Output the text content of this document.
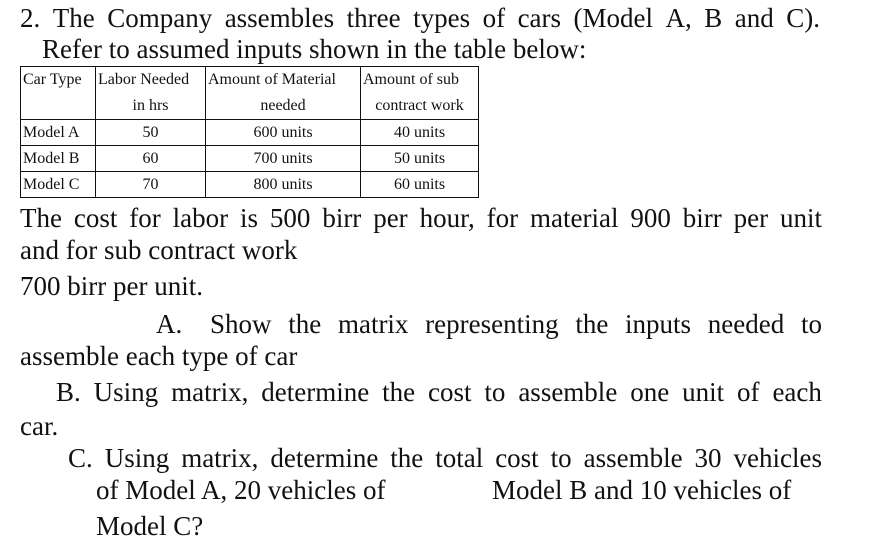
2. The Company assembles three types of cars (Model A, B and C).
Refer to assumed inputs shown in the table below:
Car Type	Labor Needed	Amount of Material	Amount of sub
	in hrs	needed	contract work
Model A	50	600 units	40 units
Model B	60	700 units	50 units
Model C	70	800 units	60 units
The cost for labor is 500 birr per hour, for material 900 birr per unit
and for sub contract work
700 birr per unit.
A. Show the matrix representing the inputs needed to
assemble each type of car
B. Using matrix, determine the cost to assemble one unit of each
car.
C. Using matrix, determine the total cost to assemble 30 vehicles
of Model A, 20 vehicles of	Model B and 10 vehicles of
Model C?
